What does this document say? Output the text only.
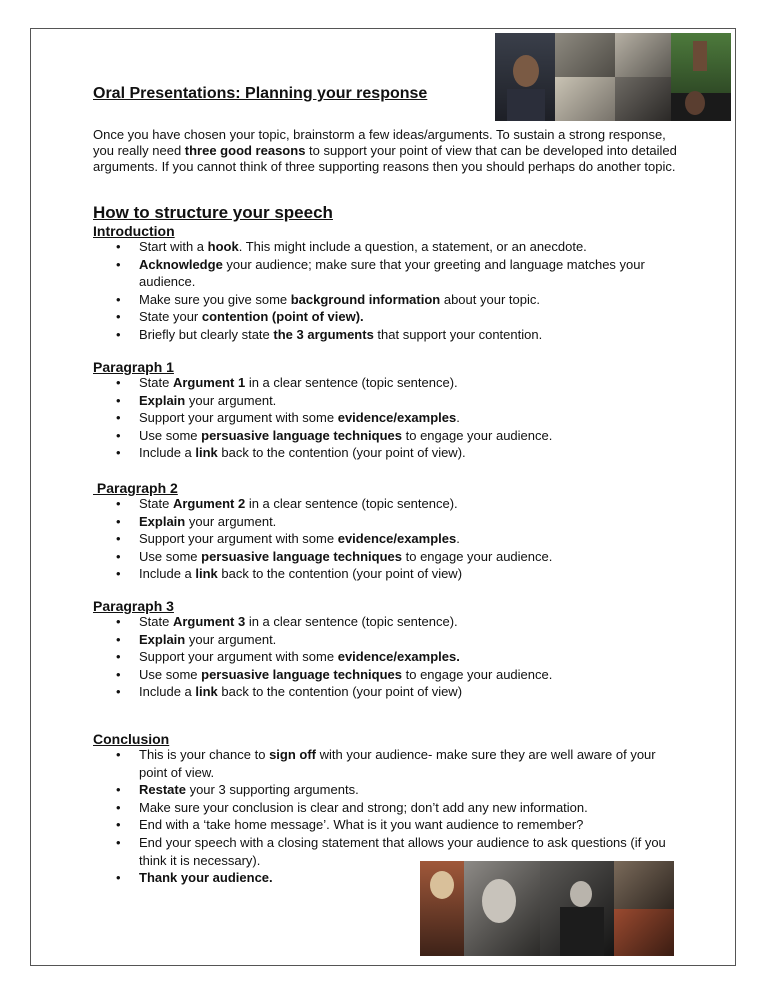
Oral Presentations: Planning your response

Once you have chosen your topic, brainstorm a few ideas/arguments. To sustain a strong response, you really need three good reasons to support your point of view that can be developed into detailed arguments. If you cannot think of three supporting reasons then you should perhaps do another topic.

How to structure your speech
Introduction
• Start with a hook. This might include a question, a statement, or an anecdote.
• Acknowledge your audience; make sure that your greeting and language matches your audience.
• Make sure you give some background information about your topic.
• State your contention (point of view).
• Briefly but clearly state the 3 arguments that support your contention.
Paragraph 1
• State Argument 1 in a clear sentence (topic sentence).
• Explain your argument.
• Support your argument with some evidence/examples.
• Use some persuasive language techniques to engage your audience.
• Include a link back to the contention (your point of view).
Paragraph 2
• State Argument 2 in a clear sentence (topic sentence).
• Explain your argument.
• Support your argument with some evidence/examples.
• Use some persuasive language techniques to engage your audience.
• Include a link back to the contention (your point of view)
Paragraph 3
• State Argument 3 in a clear sentence (topic sentence).
• Explain your argument.
• Support your argument with some evidence/examples.
• Use some persuasive language techniques to engage your audience.
• Include a link back to the contention (your point of view)
Conclusion
• This is your chance to sign off with your audience- make sure they are well aware of your point of view.
• Restate your 3 supporting arguments.
• Make sure your conclusion is clear and strong; don’t add any new information.
• End with a ‘take home message’. What is it you want audience to remember?
• End your speech with a closing statement that allows your audience to ask questions (if you think it is necessary).
• Thank your audience.
